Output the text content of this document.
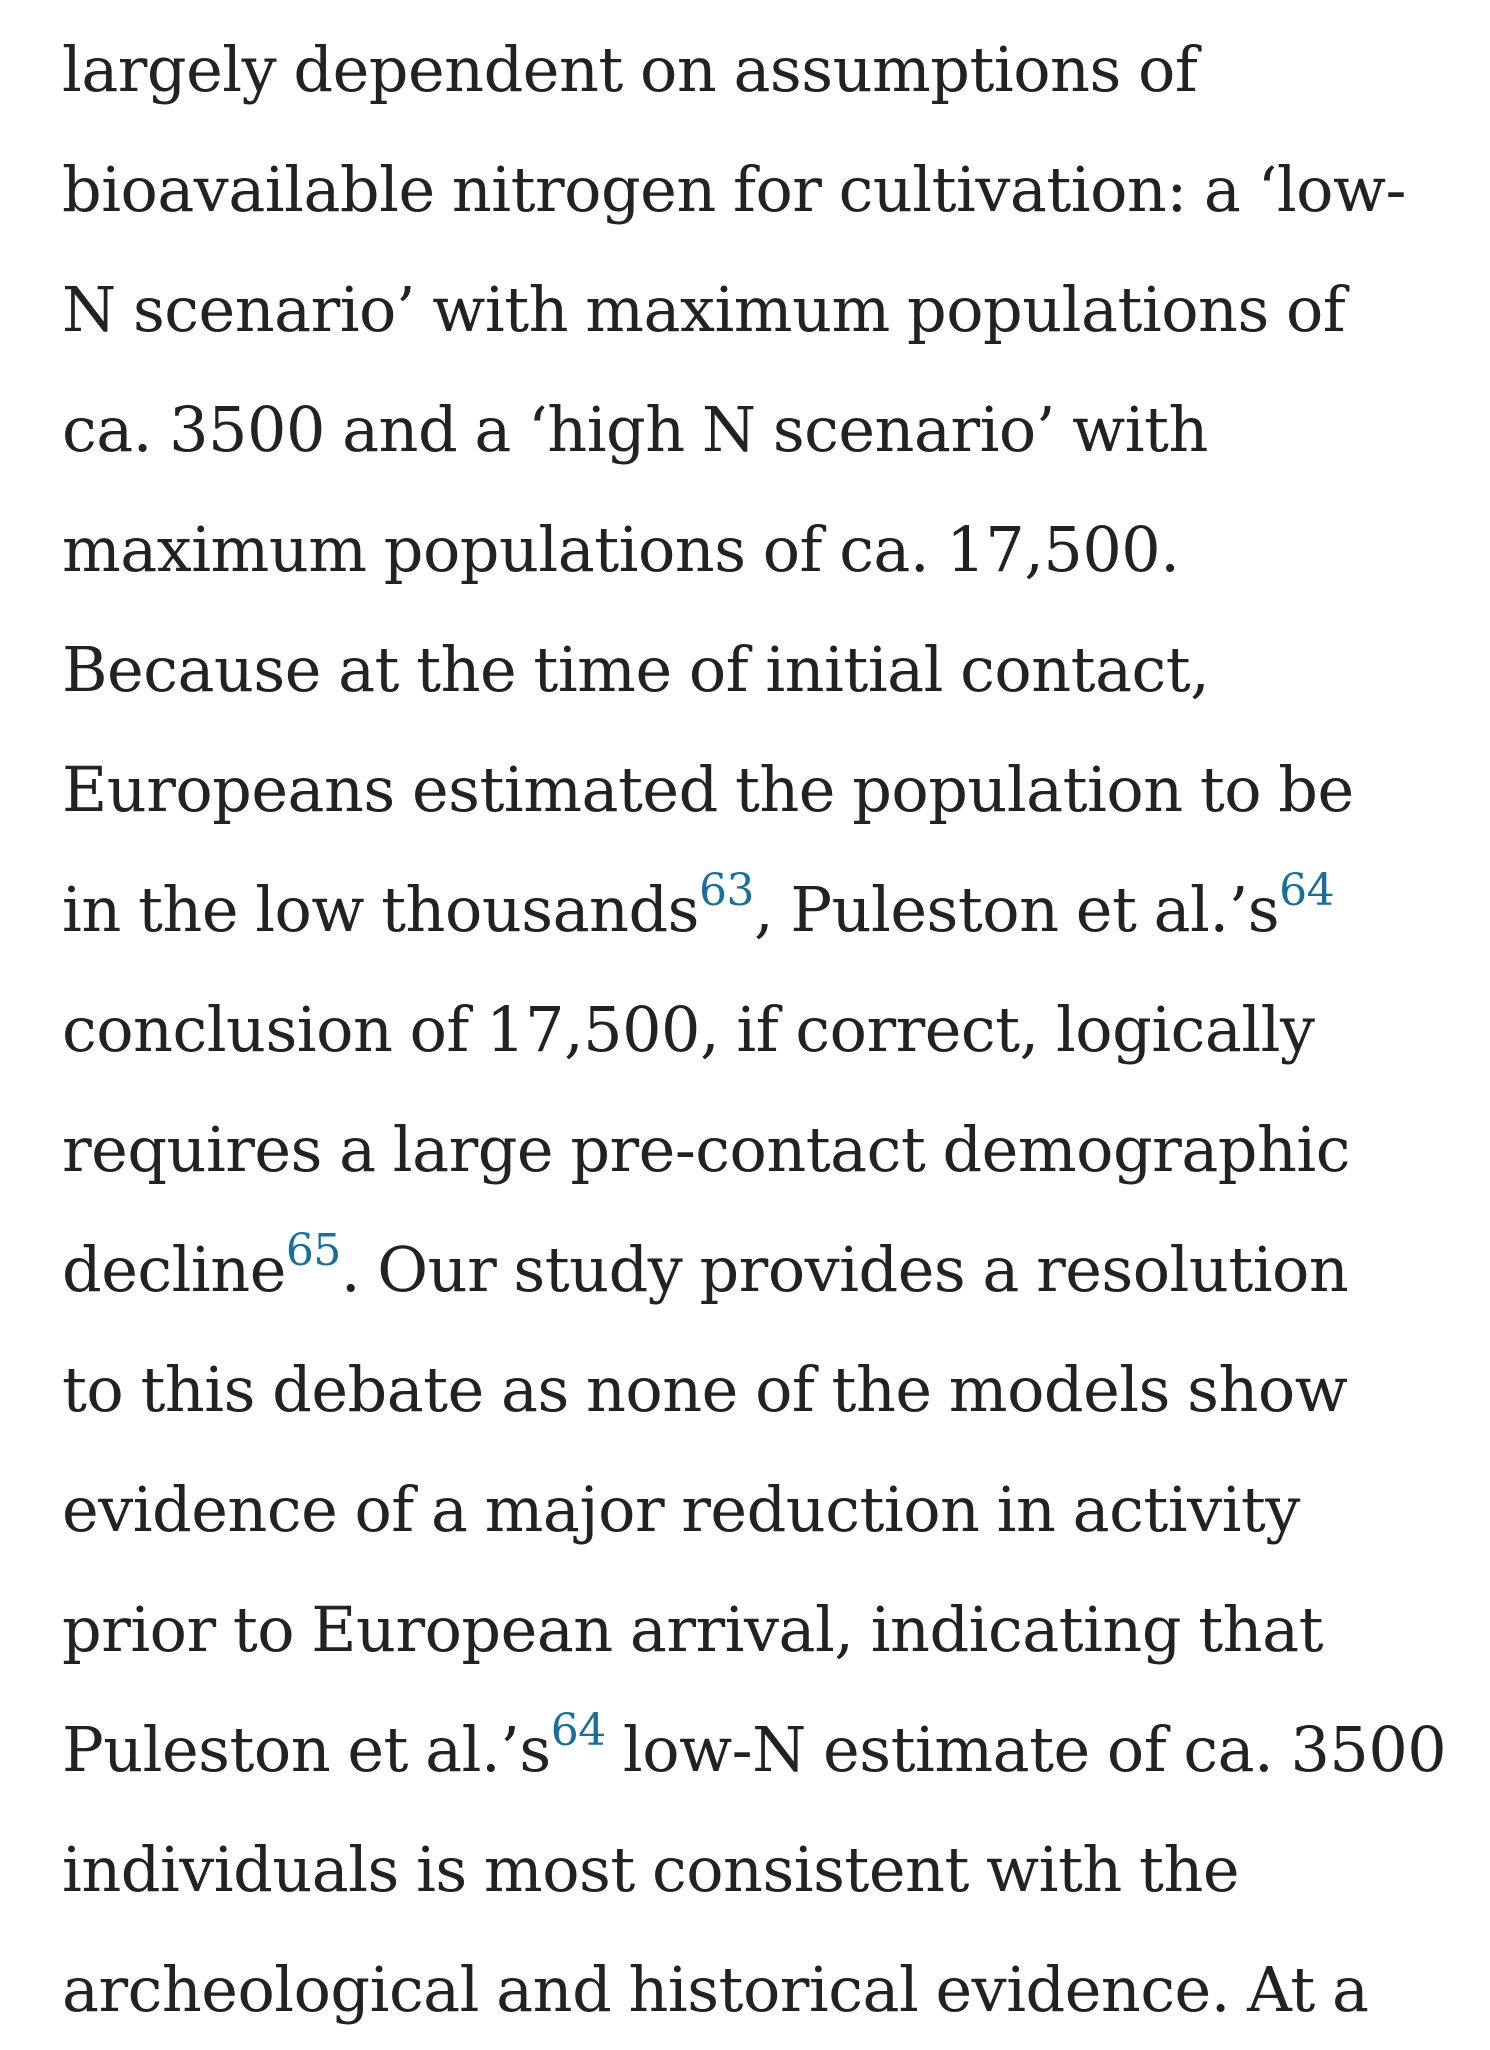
largely dependent on assumptions of
bioavailable nitrogen for cultivation: a ‘low-
N scenario’ with maximum populations of
ca. 3500 and a ‘high N scenario’ with
maximum populations of ca. 17,500.
Because at the time of initial contact,
Europeans estimated the population to be
in the low thousands$^{63}$, Puleston et al.’s$^{64}$
conclusion of 17,500, if correct, logically
requires a large pre-contact demographic
decline$^{65}$. Our study provides a resolution
to this debate as none of the models show
evidence of a major reduction in activity
prior to European arrival, indicating that
Puleston et al.’s$^{64}$ low-N estimate of ca. 3500
individuals is most consistent with the
archeological and historical evidence. At a
